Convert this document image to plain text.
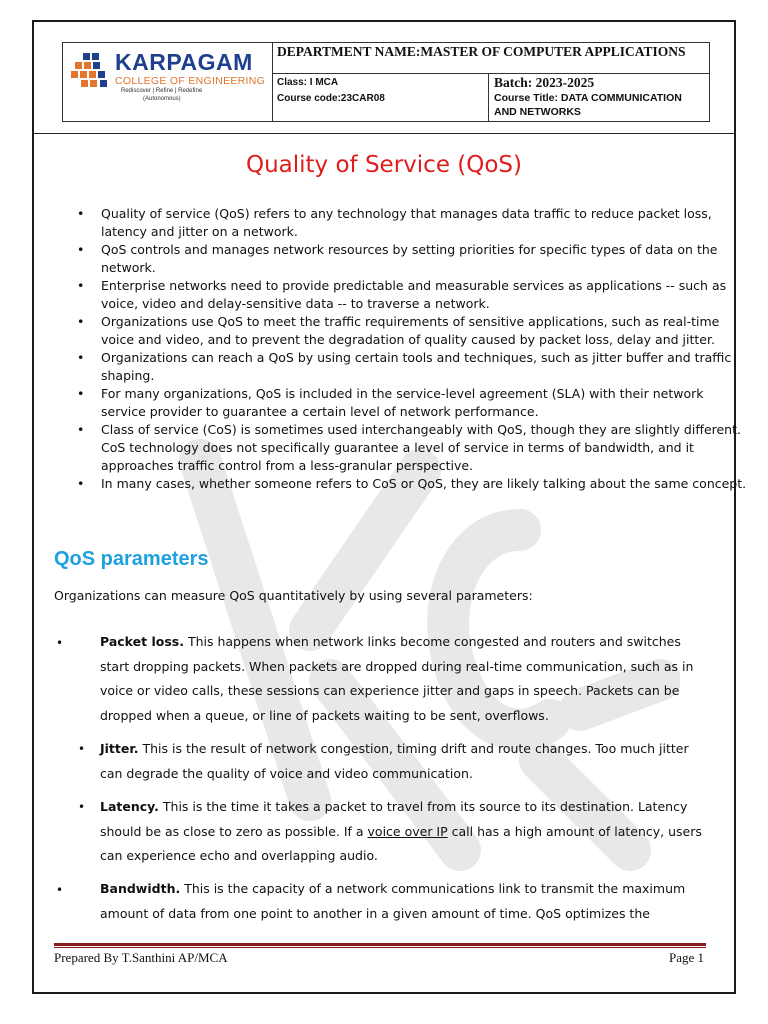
KARPAGAM
COLLEGE OF ENGINEERING
Rediscover | Refine | Redefine
(Autonomous)
DEPARTMENT NAME:MASTER OF COMPUTER APPLICATIONS
Class: I MCA
Course code:23CAR08
Batch: 2023-2025
Course Title: DATA COMMUNICATION AND NETWORKS
Quality of Service (QoS)
• Quality of service (QoS) refers to any technology that manages data traffic to reduce packet loss, latency and jitter on a network.
• QoS controls and manages network resources by setting priorities for specific types of data on the network.
• Enterprise networks need to provide predictable and measurable services as applications -- such as voice, video and delay-sensitive data -- to traverse a network.
• Organizations use QoS to meet the traffic requirements of sensitive applications, such as real-time voice and video, and to prevent the degradation of quality caused by packet loss, delay and jitter.
• Organizations can reach a QoS by using certain tools and techniques, such as jitter buffer and traffic shaping.
• For many organizations, QoS is included in the service-level agreement (SLA) with their network service provider to guarantee a certain level of network performance.
• Class of service (CoS) is sometimes used interchangeably with QoS, though they are slightly different. CoS technology does not specifically guarantee a level of service in terms of bandwidth, and it approaches traffic control from a less-granular perspective.
• In many cases, whether someone refers to CoS or QoS, they are likely talking about the same concept.
QoS parameters
Organizations can measure QoS quantitatively by using several parameters:
•	Packet loss. This happens when network links become congested and routers and switches start dropping packets. When packets are dropped during real-time communication, such as in voice or video calls, these sessions can experience jitter and gaps in speech. Packets can be dropped when a queue, or line of packets waiting to be sent, overflows.

• Jitter. This is the result of network congestion, timing drift and route changes. Too much jitter can degrade the quality of voice and video communication.

• Latency. This is the time it takes a packet to travel from its source to its destination. Latency should be as close to zero as possible. If a voice over IP call has a high amount of latency, users can experience echo and overlapping audio.

•	Bandwidth. This is the capacity of a network communications link to transmit the maximum amount of data from one point to another in a given amount of time. QoS optimizes the

Prepared By T.Santhini AP/MCA	Page 1
